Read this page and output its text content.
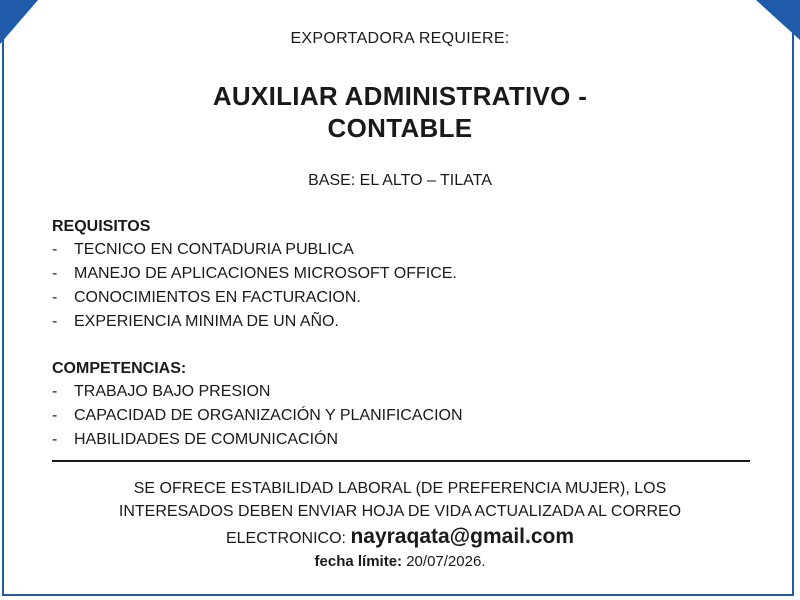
EXPORTADORA REQUIERE:
AUXILIAR ADMINISTRATIVO -
CONTABLE
BASE: EL ALTO – TILATA
REQUISITOS
- TECNICO EN CONTADURIA PUBLICA
- MANEJO DE APLICACIONES MICROSOFT OFFICE.
- CONOCIMIENTOS EN FACTURACION.
- EXPERIENCIA MINIMA DE UN AÑO.
COMPETENCIAS:
- TRABAJO BAJO PRESION
- CAPACIDAD DE ORGANIZACIÓN Y PLANIFICACION
- HABILIDADES DE COMUNICACIÓN
SE OFRECE ESTABILIDAD LABORAL (DE PREFERENCIA MUJER), LOS
INTERESADOS DEBEN ENVIAR HOJA DE VIDA ACTUALIZADA AL CORREO
ELECTRONICO: nayraqata@gmail.com
fecha límite: 20/07/2026.
